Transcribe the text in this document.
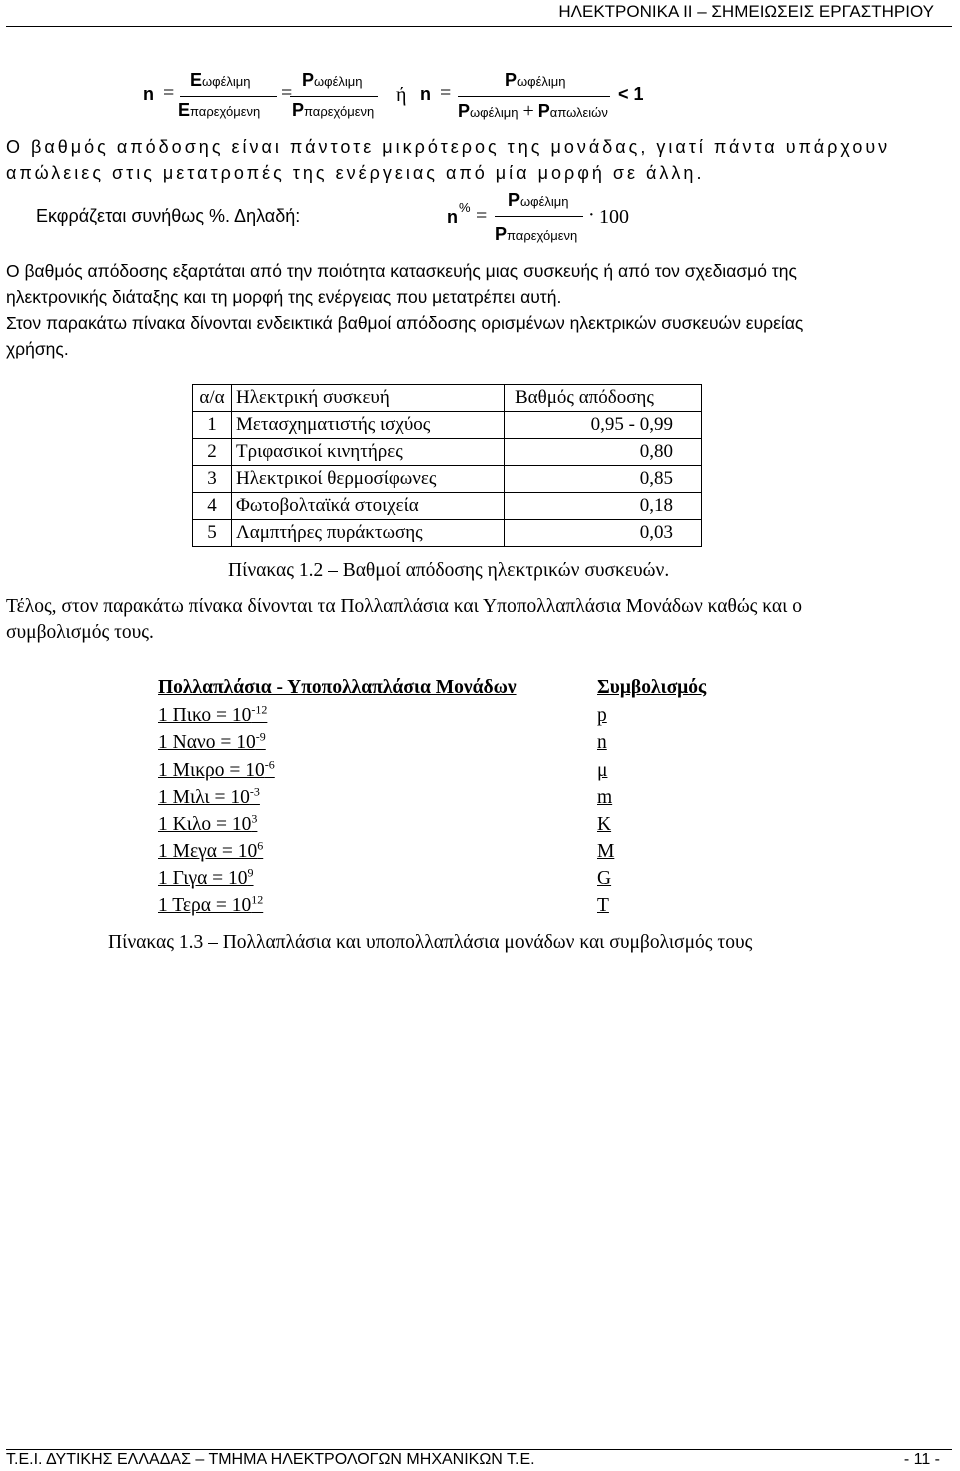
ΗΛΕΚΤΡΟΝΙΚΑ ΙΙ – ΣΗΜΕΙΩΣΕΙΣ ΕΡΓΑΣΤΗΡΙΟΥ
n =
Eωφέλιμη
Eπαρεχόμενη
=
Pωφέλιμη
Pπαρεχόμενη
ή n =
Pωφέλιμη
Pωφέλιμη + Pαπωλειών
< 1

Ο βαθμός απόδοσης είναι πάντοτε μικρότερος της μονάδας, γιατί πάντα υπάρχουν

απώλειες στις μετατροπές της ενέργειας από μία μορφή σε άλλη.

Εκφράζεται συνήθως %. Δηλαδή:	n % =
Pωφέλιμη
Pπαρεχόμενη
· 100

Ο βαθμός απόδοσης εξαρτάται από την ποιότητα κατασκευής μιας συσκευής ή από τον σχεδιασμό της

ηλεκτρονικής διάταξης και τη μορφή της ενέργειας που μετατρέπει αυτή.

Στον παρακάτω πίνακα δίνονται ενδεικτικά βαθμοί απόδοσης ορισμένων ηλεκτρικών συσκευών ευρείας

χρήσης.

α/α	Ηλεκτρική συσκευή	Βαθμός απόδοσης
1	Μετασχηματιστής ισχύος	0,95 - 0,99
2	Τριφασικοί κινητήρες	0,80
3	Ηλεκτρικοί θερμοσίφωνες	0,85
4	Φωτοβολταϊκά στοιχεία	0,18
5	Λαμπτήρες πυράκτωσης	0,03

Πίνακας 1.2 – Βαθμοί απόδοσης ηλεκτρικών συσκευών.

Τέλος, στον παρακάτω πίνακα δίνονται τα Πολλαπλάσια και Υποπολλαπλάσια Μονάδων καθώς και ο

συμβολισμός τους.

Πολλαπλάσια - Υποπολλαπλάσια Μονάδων	Συμβολισμός
1 $\Pi\iota\kappa o = 10^{-12}$	p
1 $N\alpha\nu o = 10^{-9}$	n
1 $M\iota\kappa\rho o = 10^{-6}$	μ
1 $M\iota\lambda\iota = 10^{-3}$	m
1 $K\iota\lambda o = 10^3$	K
1 $M\varepsilon\gamma\alpha = 10^6$	M
1 $\Gamma\iota\gamma\alpha = 10^9$	G
1 $T\varepsilon\rho\alpha = 10^{12}$	T

Πίνακας 1.3 – Πολλαπλάσια και υποπολλαπλάσια μονάδων και συμβολισμός τους

Τ.Ε.Ι. ΔΥΤΙΚΗΣ ΕΛΛΑΔΑΣ – ΤΜΗΜΑ ΗΛΕΚΤΡΟΛΟΓΩΝ ΜΗΧΑΝΙΚΩΝ Τ.Ε.	- 11 -
